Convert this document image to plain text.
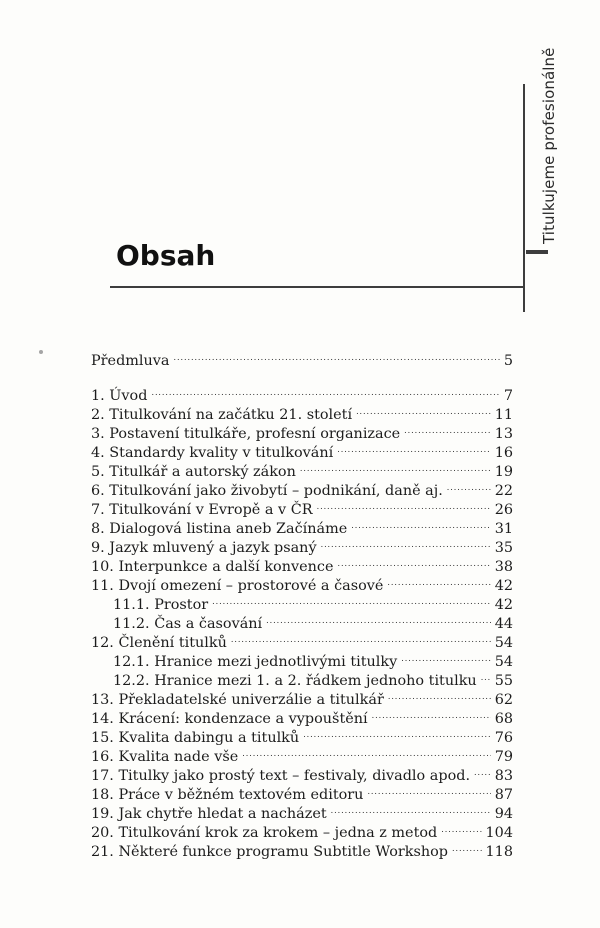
Titulkujeme profesionálně
Obsah
Předmluva . . .	5
1. Úvod . . .	7
2. Titulkování na začátku 21. století . . .	11
3. Postavení titulkáře, profesní organizace . . .	13
4. Standardy kvality v titulkování . . .	16
5. Titulkář a autorský zákon . . .	19
6. Titulkování jako živobytí – podnikání, daně aj. . . .	22
7. Titulkování v Evropě a v ČR . . .	26
8. Dialogová listina aneb Začínáme . . .	31
9. Jazyk mluvený a jazyk psaný . . .	35
10. Interpunkce a další konvence . . .	38
11. Dvojí omezení – prostorové a časové . . .	42
11.1. Prostor . . .	42
11.2. Čas a časování . . .	44
12. Členění titulků . . .	54
12.1. Hranice mezi jednotlivými titulky . . .	54
12.2. Hranice mezi 1. a 2. řádkem jednoho titulku . . . 55
13. Překladatelské univerzálie a titulkář . . .	62
14. Krácení: kondenzace a vypouštění . . .	68
15. Kvalita dabingu a titulků . . .	76
16. Kvalita nade vše . . .	79
17. Titulky jako prostý text – festivaly, divadlo apod. . . . 83
18. Práce v běžném textovém editoru . . .	87
19. Jak chytře hledat a nacházet . . .	94
20. Titulkování krok za krokem – jedna z metod . . .	104
21. Některé funkce programu Subtitle Workshop . . .	118
